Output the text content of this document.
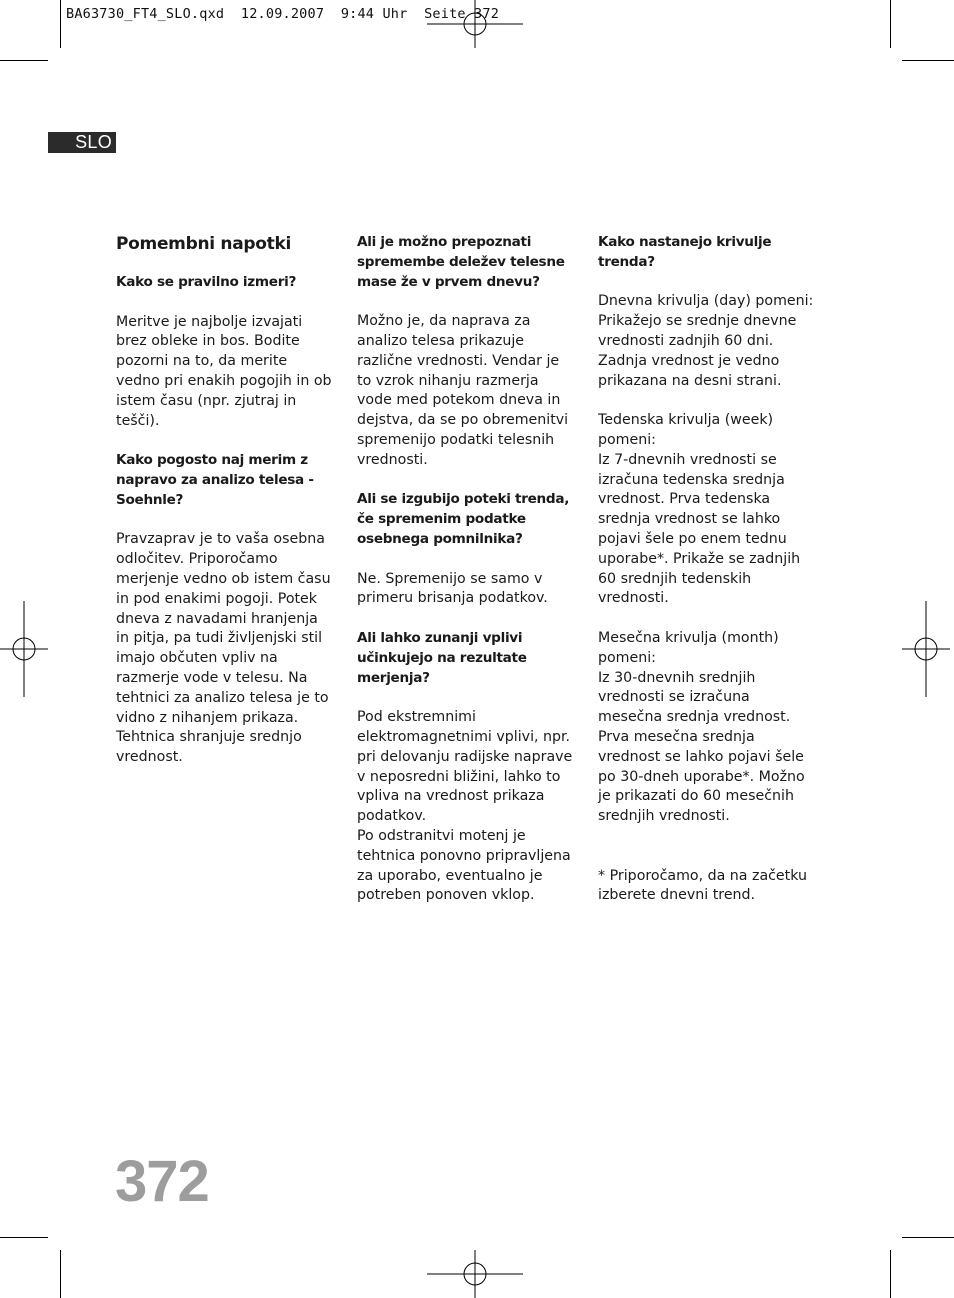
BA63730_FT4_SLO.qxd  12.09.2007  9:44 Uhr  Seite 372
SLO

Pomembni napotki

Kako se pravilno izmeri?

Meritve je najbolje izvajati brez obleke in bos. Bodite pozorni na to, da merite vedno pri enakih pogojih in ob istem času (npr. zjutraj in tešči).

Kako pogosto naj merim z napravo za analizo telesa - Soehnle?

Pravzaprav je to vaša osebna odločitev. Priporočamo merjenje vedno ob istem času in pod enakimi pogoji. Potek dneva z navadami hranjenja in pitja, pa tudi življenjski stil imajo občuten vpliv na razmerje vode v telesu. Na tehtnici za analizo telesa je to vidno z nihanjem prikaza. Tehtnica shranjuje srednjo vrednost.

Ali je možno prepoznati spremembe deležev telesne mase že v prvem dnevu?

Možno je, da naprava za analizo telesa prikazuje različne vrednosti. Vendar je to vzrok nihanju razmerja vode med potekom dneva in dejstva, da se po obremenitvi spremenijo podatki telesnih vrednosti.

Ali se izgubijo poteki trenda, če spremenim podatke osebnega pomnilnika?

Ne. Spremenijo se samo v primeru brisanja podatkov.

Ali lahko zunanji vplivi učinkujejo na rezultate merjenja?

Pod ekstremnimi elektromagnetnimi vplivi, npr. pri delovanju radijske naprave v neposredni bližini, lahko to vpliva na vrednost prikaza podatkov.

Po odstranitvi motenj je tehtnica ponovno pripravljena za uporabo, eventualno je potreben ponoven vklop.

Kako nastanejo krivulje trenda?

Dnevna krivulja (day) pomeni:

Prikažejo se srednje dnevne vrednosti zadnjih 60 dni. Zadnja vrednost je vedno prikazana na desni strani.

Tedenska krivulja (week) pomeni:

Iz 7-dnevnih vrednosti se izračuna tedenska srednja vrednost. Prva tedenska srednja vrednost se lahko pojavi šele po enem tednu uporabe*. Prikaže se zadnjih 60 srednjih tedenskih vrednosti.

Mesečna krivulja (month) pomeni:

Iz 30-dnevnih srednjih vrednosti se izračuna mesečna srednja vrednost. Prva mesečna srednja vrednost se lahko pojavi šele po 30-dneh uporabe*. Možno je prikazati do 60 mesečnih srednjih vrednosti.

* Priporočamo, da na začetku izberete dnevni trend.

372
